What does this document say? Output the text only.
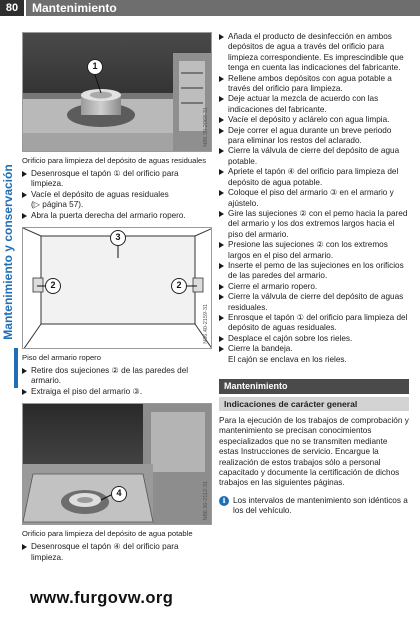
80	Mantenimiento
Mantenimiento y conservación
1
N86.30-2068-31
Orificio para limpieza del depósito de aguas residuales
Desenrosque el tapón ① del orificio para limpieza.
Vacíe el depósito de aguas residuales
(▷ página 57).
Abra la puerta derecha del armario ropero.
3
2	2
N86.40-2159-31
Piso del armario ropero
Retire dos sujeciones ② de las paredes del armario.
Extraiga el piso del armario ③.
4	N86.30-2112-31
Orificio para limpieza del depósito de agua potable
Desenrosque el tapón ④ del orificio para limpieza.
Añada el producto de desinfección en ambos depósitos de agua a través del orificio para limpieza correspondiente. Es imprescindible que tenga en cuenta las indicaciones del fabricante.
Rellene ambos depósitos con agua potable a través del orificio para limpieza.
Deje actuar la mezcla de acuerdo con las indicaciones del fabricante.
Vacíe el depósito y aclárelo con agua limpia.
Deje correr el agua durante un breve periodo para eliminar los restos del aclarado.
Cierre la válvula de cierre del depósito de agua potable.
Apriete el tapón ④ del orificio para limpieza del depósito de agua potable.
Coloque el piso del armario ③ en el armario y ajústelo.
Gire las sujeciones ② con el pemo hacia la pared del armario y los dos extremos largos hacia el piso del armario.
Presione las sujeciones ② con los extremos largos en el piso del armario.
Inserte el pemo de las sujeciones en los orificios de las paredes del armario.
Cierre el armario ropero.
Cierre la válvula de cierre del depósito de aguas residuales.
Enrosque el tapón ① del orificio para limpieza del depósito de aguas residuales.
Desplace el cajón sobre los rieles.
Cierre la bandeja.
El cajón se enclava en los rieles.
Mantenimiento
Indicaciones de carácter general

Para la ejecución de los trabajos de comprobación y mantenimiento se precisan conocimientos especializados que no se transmiten mediante estas Instrucciones de servicio. Encargue la realización de estos trabajos sólo a personal capacitado y documente la certificación de dichos trabajos en las siguientes páginas.

i Los intervalos de mantenimiento son idénticos a los del vehículo.
www.furgovw.org
